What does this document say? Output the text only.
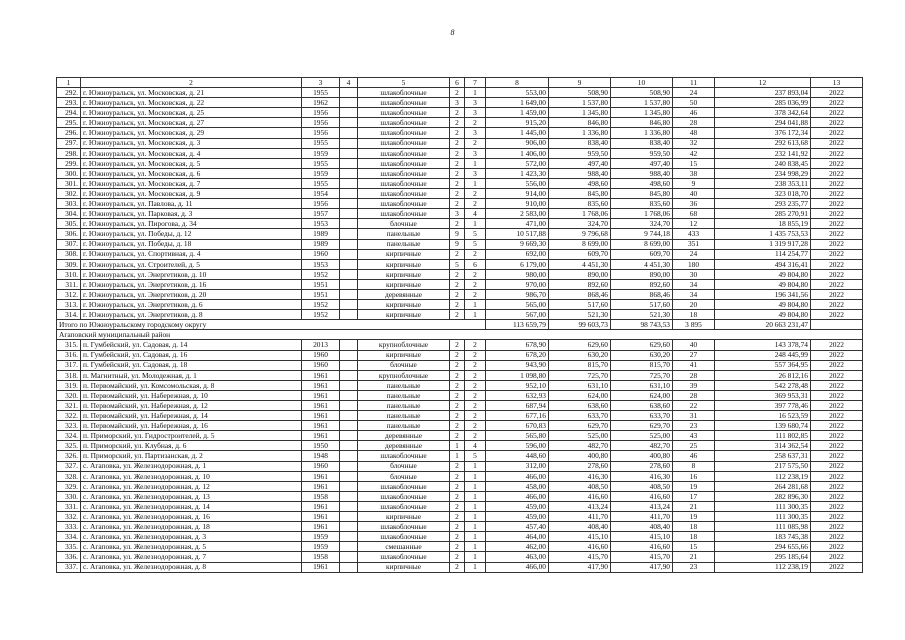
8
1	2	3	4	5	6	7	8	9	10	11	12	13
292.	г. Южноуральск, ул. Московская, д. 21	1955		шлакоблочные	2	1	553,00	508,90	508,90	24	237 893,04	2022
293.	г. Южноуральск, ул. Московская, д. 22	1962		шлакоблочные	3	3	1 649,00	1 537,80	1 537,80	50	285 036,99	2022
294.	г. Южноуральск, ул. Московская, д. 25	1956		шлакоблочные	2	3	1 459,00	1 345,80	1 345,80	46	378 342,64	2022
295.	г. Южноуральск, ул. Московская, д. 27	1956		шлакоблочные	2	2	915,20	846,80	846,80	28	294 041,88	2022
296.	г. Южноуральск, ул. Московская, д. 29	1956		шлакоблочные	2	3	1 445,00	1 336,80	1 336,80	48	376 172,34	2022
297.	г. Южноуральск, ул. Московская, д. 3	1955		шлакоблочные	2	2	906,00	838,40	838,40	32	292 613,68	2022
298.	г. Южноуральск, ул. Московская, д. 4	1959		шлакоблочные	2	3	1 406,00	959,50	959,50	42	232 141,92	2022
299.	г. Южноуральск, ул. Московская, д. 5	1955		шлакоблочные	2	1	572,00	497,40	497,40	15	240 838,45	2022
300.	г. Южноуральск, ул. Московская, д. 6	1959		шлакоблочные	2	3	1 423,30	988,40	988,40	38	234 998,29	2022
301.	г. Южноуральск, ул. Московская, д. 7	1955		шлакоблочные	2	1	556,00	498,60	498,60	9	238 353,11	2022
302.	г. Южноуральск, ул. Московская, д. 9	1954		шлакоблочные	2	2	914,00	845,80	845,80	40	323 018,70	2022
303.	г. Южноуральск, ул. Павлова, д. 11	1956		шлакоблочные	2	2	910,00	835,60	835,60	36	293 235,77	2022
304.	г. Южноуральск, ул. Парковая, д. 3	1957		шлакоблочные	3	4	2 583,00	1 768,06	1 768,06	68	285 270,91	2022
305.	г. Южноуральск, ул. Пирогова, д. 34	1953		блочные	2	1	471,00	324,70	324,70	12	18 855,19	2022
306.	г. Южноуральск, ул. Победы, д. 12	1989		панельные	9	5	10 517,88	9 796,68	9 744,18	433	1 435 753,53	2022
307.	г. Южноуральск, ул. Победы, д. 18	1989		панельные	9	5	9 669,30	8 699,00	8 699,00	351	1 319 917,28	2022
308.	г. Южноуральск, ул. Спортивная, д. 4	1960		кирпичные	2	2	692,00	609,70	609,70	24	114 254,77	2022
309.	г. Южноуральск, ул. Строителей, д. 5	1953		кирпичные	5	6	6 179,00	4 451,30	4 451,30	180	494 316,41	2022
310.	г. Южноуральск, ул. Энергетиков, д. 10	1952		кирпичные	2	2	980,00	890,00	890,00	30	49 804,80	2022
311.	г. Южноуральск, ул. Энергетиков, д. 16	1951		кирпичные	2	2	970,00	892,60	892,60	34	49 804,80	2022
312.	г. Южноуральск, ул. Энергетиков, д. 20	1951		деревянные	2	2	986,70	868,46	868,46	34	196 341,56	2022
313.	г. Южноуральск, ул. Энергетиков, д. 6	1952		кирпичные	2	1	565,00	517,60	517,60	20	49 804,80	2022
314.	г. Южноуральск, ул. Энергетиков, д. 8	1952		кирпичные	2	1	567,00	521,30	521,30	18	49 804,80	2022
Итого по Южноуральскому городскому округу							113 659,79	99 603,73	98 743,53	3 895	20 663 231,47	
Агаповский муниципальный район												
315.	п. Гумбейский, ул. Садовая, д. 14	2013		крупноблочные	2	2	678,90	629,60	629,60	40	143 378,74	2022
316.	п. Гумбейский, ул. Садовая, д. 16	1960		кирпичные	2	2	678,20	630,20	630,20	27	248 445,99	2022
317.	п. Гумбейский, ул. Садовая, д. 18	1960		блочные	2	2	943,90	815,70	815,70	41	557 364,95	2022
318.	п. Магнитный, ул. Молодежная, д. 1	1961		крупноблочные	2	2	1 098,80	725,70	725,70	28	26 812,16	2022
319.	п. Первомайский, ул. Комсомольская, д. 8	1961		панельные	2	2	952,10	631,10	631,10	39	542 278,48	2022
320.	п. Первомайский, ул. Набережная, д. 10	1961		панельные	2	2	632,93	624,00	624,00	28	369 953,31	2022
321.	п. Первомайский, ул. Набережная, д. 12	1961		панельные	2	2	687,94	638,60	638,60	22	397 778,46	2022
322.	п. Первомайский, ул. Набережная, д. 14	1961		панельные	2	2	677,16	633,70	633,70	31	16 523,59	2022
323.	п. Первомайский, ул. Набережная, д. 16	1961		панельные	2	2	670,83	629,70	629,70	23	139 680,74	2022
324.	п. Приморский, ул. Гидростроителей, д. 5	1961		деревянные	2	2	565,80	525,00	525,00	43	111 802,85	2022
325.	п. Приморский, ул. Клубная, д. 6	1950		деревянные	1	4	596,00	482,70	482,70	25	314 362,54	2022
326.	п. Приморский, ул. Партизанская, д. 2	1948		шлакоблочные	1	5	448,60	400,80	400,80	46	258 637,31	2022
327.	с. Агаповка, ул. Железнодорожная, д. 1	1960		блочные	2	1	312,00	278,60	278,60	8	217 575,50	2022
328.	с. Агаповка, ул. Железнодорожная, д. 10	1961		блочные	2	1	466,00	416,30	416,30	16	112 238,19	2022
329.	с. Агаповка, ул. Железнодорожная, д. 12	1961		шлакоблочные	2	1	458,00	408,50	408,50	19	264 281,68	2022
330.	с. Агаповка, ул. Железнодорожная, д. 13	1958		шлакоблочные	2	1	466,00	416,60	416,60	17	282 896,30	2022
331.	с. Агаповка, ул. Железнодорожная, д. 14	1961		шлакоблочные	2	1	459,00	413,24	413,24	21	111 300,35	2022
332.	с. Агаповка, ул. Железнодорожная, д. 16	1961		кирпичные	2	1	459,00	411,70	411,70	19	111 300,35	2022
333.	с. Агаповка, ул. Железнодорожная, д. 18	1961		шлакоблочные	2	1	457,40	408,40	408,40	18	111 085,98	2022
334.	с. Агаповка, ул. Железнодорожная, д. 3	1959		шлакоблочные	2	1	464,00	415,10	415,10	18	183 745,38	2022
335.	с. Агаповка, ул. Железнодорожная, д. 5	1959		смешанные	2	1	462,00	416,60	416,60	15	294 655,66	2022
336.	с. Агаповка, ул. Железнодорожная, д. 7	1958		шлакоблочные	2	1	463,00	415,70	415,70	21	295 185,64	2022
337.	с. Агаповка, ул. Железнодорожная, д. 8	1961		кирпичные	2	1	466,00	417,90	417,90	23	112 238,19	2022
